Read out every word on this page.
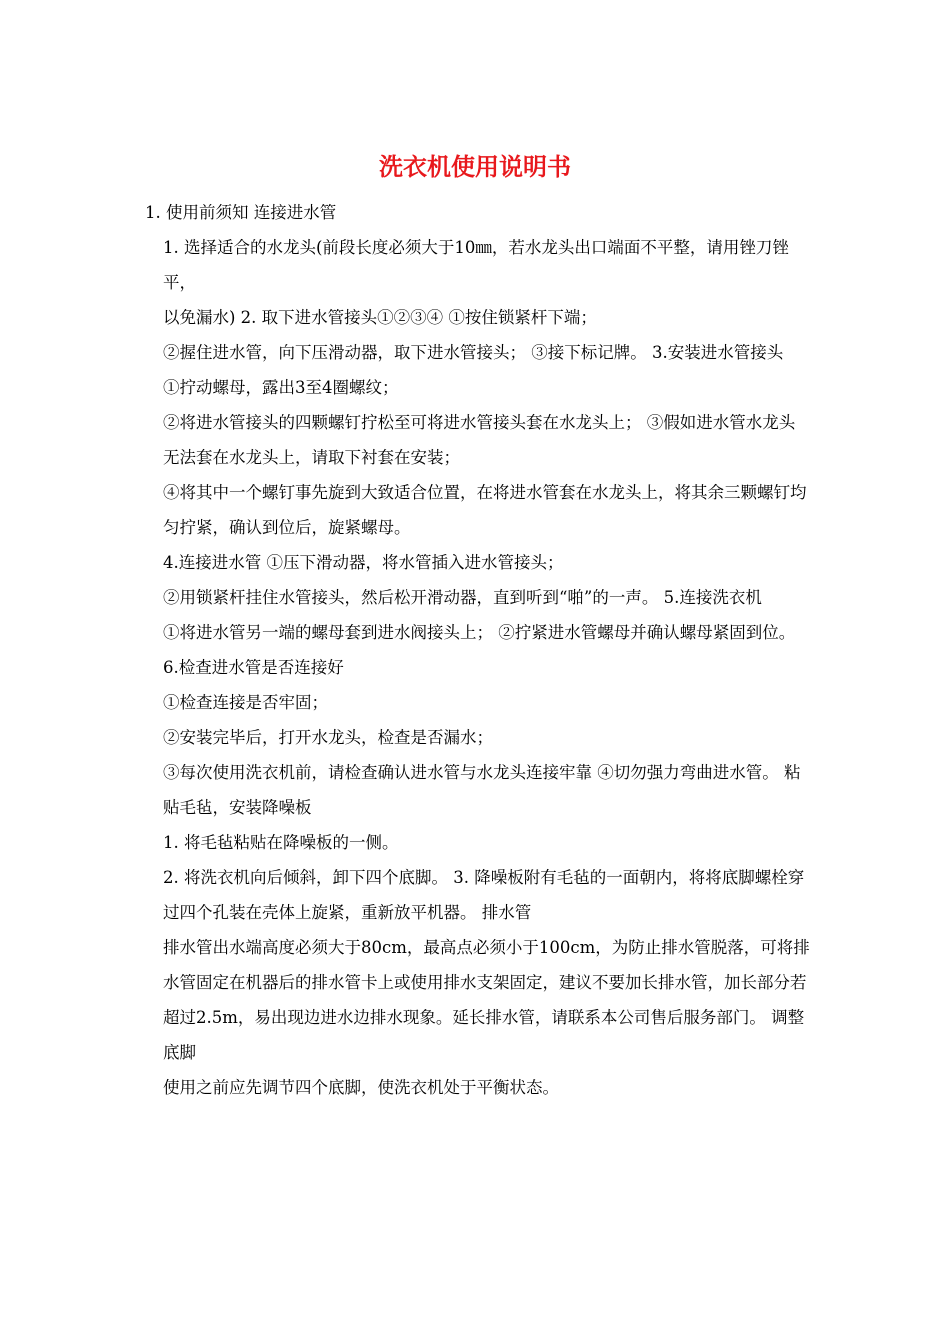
洗衣机使用说明书

1. 使用前须知 连接进水管

1. 选择适合的水龙头(前段长度必须大于10㎜，若水龙头出口端面不平整，请用锉刀锉平，

以免漏水) 2. 取下进水管接头①②③④ ①按住锁紧杆下端；

②握住进水管，向下压滑动器，取下进水管接头； ③接下标记牌。 3.安装进水管接头

①拧动螺母，露出3至4圈螺纹；

②将进水管接头的四颗螺钉拧松至可将进水管接头套在水龙头上； ③假如进水管水龙头无法套在水龙头上，请取下衬套在安装；

④将其中一个螺钉事先旋到大致适合位置，在将进水管套在水龙头上，将其余三颗螺钉均匀拧紧，确认到位后，旋紧螺母。

4.连接进水管 ①压下滑动器，将水管插入进水管接头；

②用锁紧杆挂住水管接头，然后松开滑动器，直到听到“啪”的一声。 5.连接洗衣机

①将进水管另一端的螺母套到进水阀接头上； ②拧紧进水管螺母并确认螺母紧固到位。 6.检查进水管是否连接好

①检查连接是否牢固；

②安装完毕后，打开水龙头，检查是否漏水；

③每次使用洗衣机前，请检查确认进水管与水龙头连接牢靠 ④切勿强力弯曲进水管。 粘贴毛毡，安装降噪板

1. 将毛毡粘贴在降噪板的一侧。

2. 将洗衣机向后倾斜，卸下四个底脚。 3. 降噪板附有毛毡的一面朝内，将将底脚螺栓穿过四个孔装在壳体上旋紧，重新放平机器。 排水管

排水管出水端高度必须大于80cm，最高点必须小于100cm，为防止排水管脱落，可将排水管固定在机器后的排水管卡上或使用排水支架固定，建议不要加长排水管，加长部分若超过2.5m，易出现边进水边排水现象。延长排水管，请联系本公司售后服务部门。 调整底脚

使用之前应先调节四个底脚，使洗衣机处于平衡状态。
